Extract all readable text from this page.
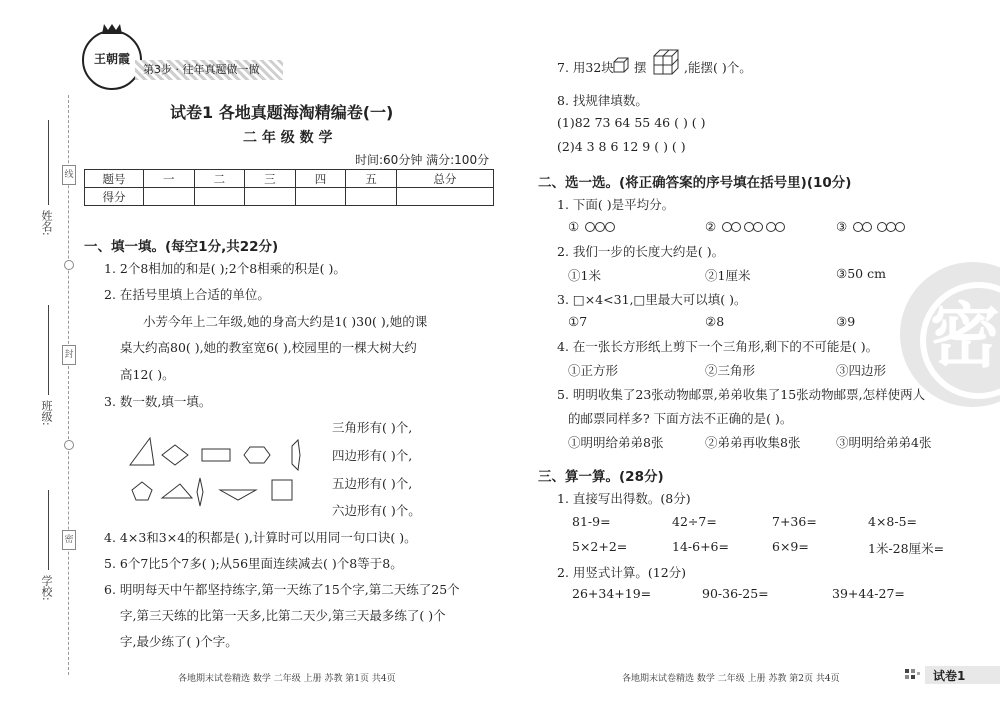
线
封
密
姓名:
班级:
学校:
王朝霞
第3步 · 往年真题做一做
试卷1 各地真题海淘精编卷(一)
二 年 级 数 学
时间:60分钟 满分:100分
题号	一	二	三	四	五	总分
得分						
一、填一填。(每空1分,共22分)
1. 2个8相加的和是( );2个8相乘的积是( )。
2. 在括号里填上合适的单位。
小芳今年上二年级,她的身高大约是1( )30( ),她的课
桌大约高80( ),她的教室宽6( ),校园里的一棵大树大约
高12( )。
3. 数一数,填一填。
三角形有( )个,
四边形有( )个,
五边形有( )个,
六边形有( )个。
4. 4×3和3×4的积都是( ),计算时可以用同一句口诀( )。
5. 6个7比5个7多( );从56里面连续减去( )个8等于8。
6. 明明每天中午都坚持练字,第一天练了15个字,第二天练了25个
字,第三天练的比第一天多,比第二天少,第三天最多练了( )个
字,最少练了( )个字。
7. 用32块 摆	,能摆( )个。
8. 找规律填数。
(1)82 73 64 55 46 ( ) ( )
(2)4 3 8 6 12 9 ( ) ( )
二、选一选。(将正确答案的序号填在括号里)(10分)
1. 下面( )是平均分。
①	②	③
2. 我们一步的长度大约是( )。
①1米	②1厘米	③50 cm
3. □×4<31,□里最大可以填( )。
①7	②8	③9 密
4. 在一张长方形纸上剪下一个三角形,剩下的不可能是( )。
①正方形	②三角形	③四边形
5. 明明收集了23张动物邮票,弟弟收集了15张动物邮票,怎样使两人
的邮票同样多? 下面方法不正确的是( )。
①明明给弟弟8张	②弟弟再收集8张	③明明给弟弟4张
三、算一算。(28分)
1. 直接写出得数。(8分)
81-9=	42÷7=	7+36=	4×8-5=
5×2+2=	14-6+6=	6×9=	1米-28厘米=
2. 用竖式计算。(12分)
26+34+19=	90-36-25=	39+44-27=
各地期末试卷精选 数学 二年级 上册 苏教 第1页 共4页	各地期末试卷精选 数学 二年级 上册 苏教 第2页 共4页	试卷1
